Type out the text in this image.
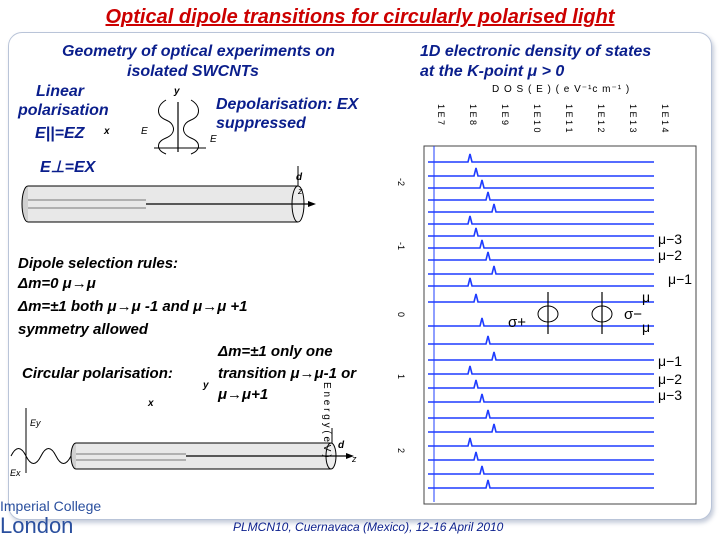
Optical dipole transitions for circularly polarised light
Geometry of optical experiments on
isolated SWCNTs
1D electronic density of states
at the K-point μ > 0
Linear
polarisation
E||=EZ
Depolarisation: EX
suppressed
E⊥=EX
y
x	E
E
d
z
Dipole selection rules:
Δm=0 μ→μ
Δm=±1 both μ→μ -1 and μ→μ +1
symmetry allowed
Circular polarisation:
Δm=±1 only one
transition μ→μ-1 or
μ→μ+1
y
x
Ey
Ex
d
z
D O S ( E ) ( e V⁻¹c m⁻¹ )
1 E 7 1 E 8 1 E 9 1 E 1 0 1 E 1 1 1 E 1 2 1 E 1 3 1 E 1 4
-2
-1
0
1
2
E n e r g y ( e V )
σ+	σ−
μ−3
μ−2
μ−1
μ
μ
μ−1
μ−2
μ−3
Imperial College
London	PLMCN10, Cuernavaca (Mexico), 12-16 April 2010
